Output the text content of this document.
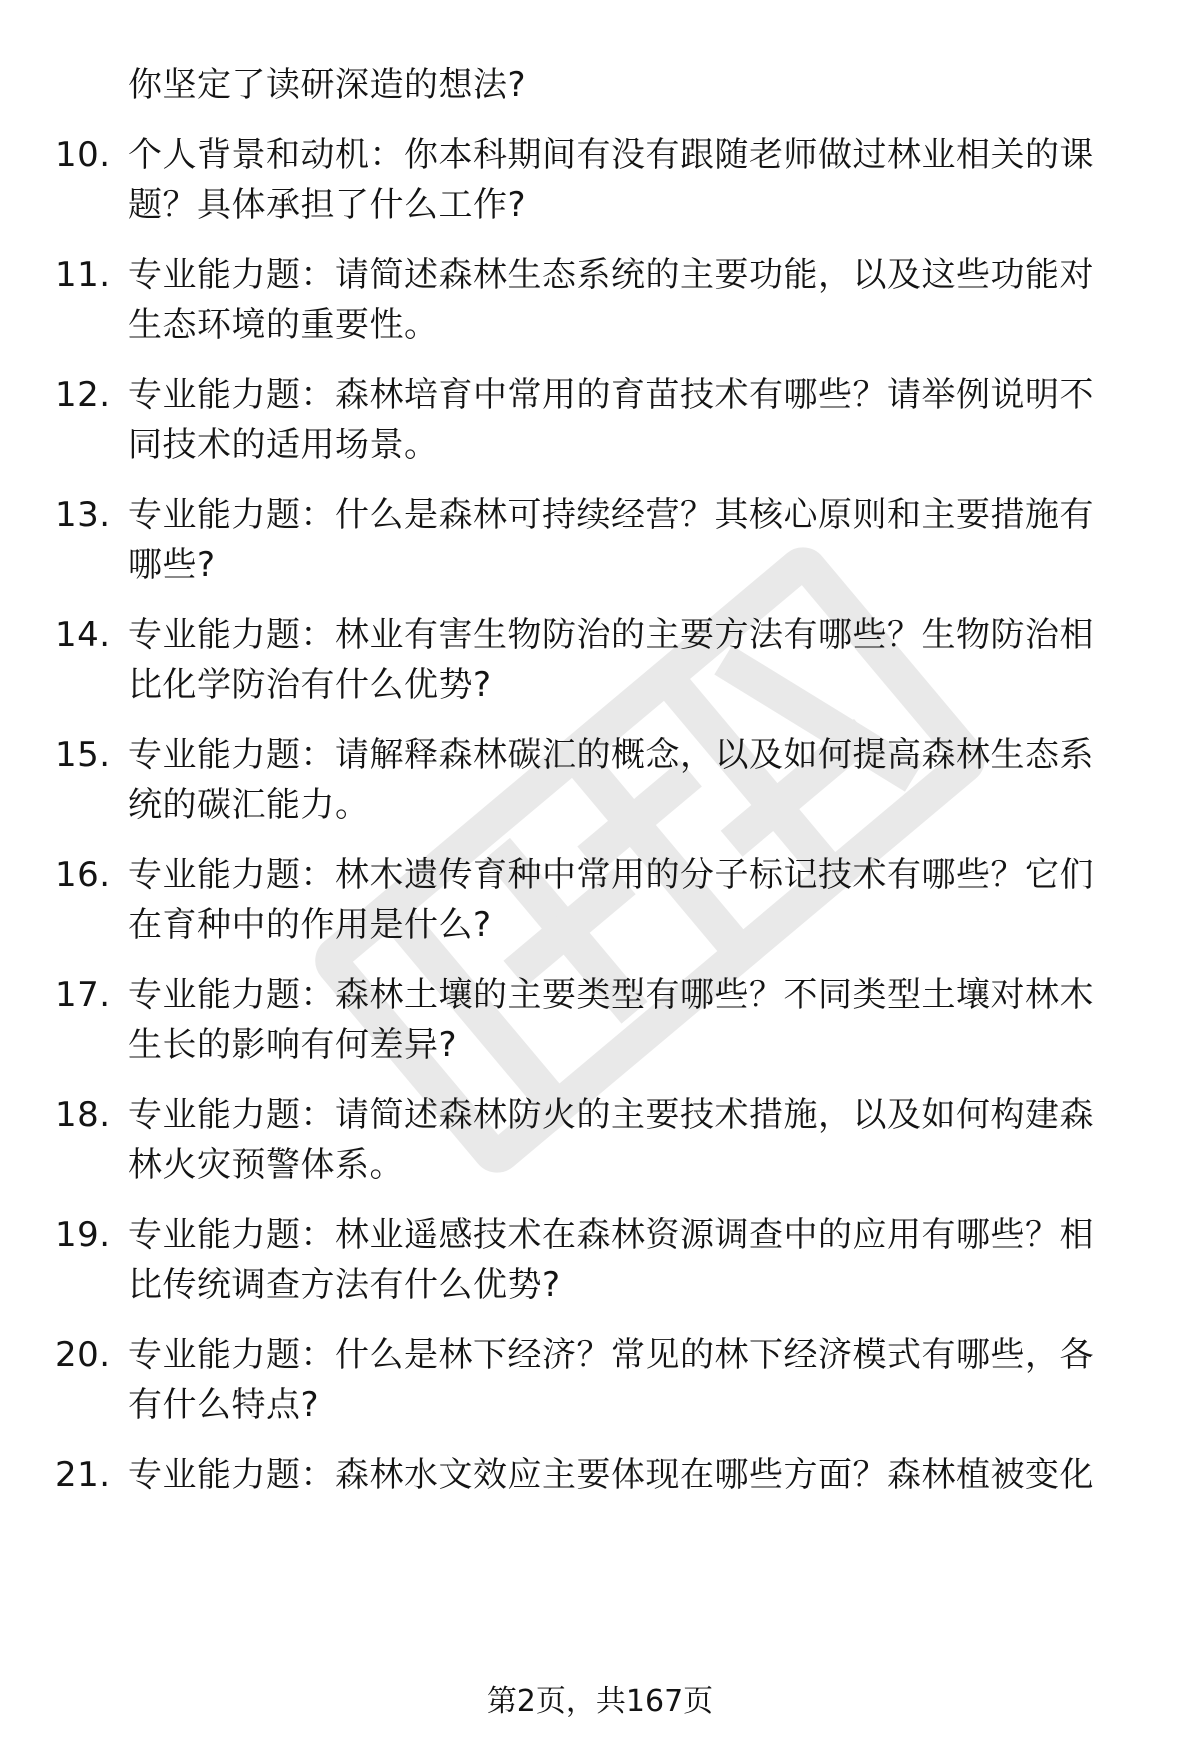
你坚定了读研深造的想法?
10. 个人背景和动机：你本科期间有没有跟随老师做过林业相关的课
题？具体承担了什么工作?
11. 专业能力题：请简述森林生态系统的主要功能，以及这些功能对
生态环境的重要性。
12. 专业能力题：森林培育中常用的育苗技术有哪些？请举例说明不
同技术的适用场景。
13. 专业能力题：什么是森林可持续经营？其核心原则和主要措施有
哪些?
14. 专业能力题：林业有害生物防治的主要方法有哪些？生物防治相
比化学防治有什么优势?
15. 专业能力题：请解释森林碳汇的概念，以及如何提高森林生态系
统的碳汇能力。
16. 专业能力题：林木遗传育种中常用的分子标记技术有哪些？它们
在育种中的作用是什么?
17. 专业能力题：森林土壤的主要类型有哪些？不同类型土壤对林木
生长的影响有何差异?
18. 专业能力题：请简述森林防火的主要技术措施，以及如何构建森
林火灾预警体系。
19. 专业能力题：林业遥感技术在森林资源调查中的应用有哪些？相
比传统调查方法有什么优势?
20. 专业能力题：什么是林下经济？常见的林下经济模式有哪些，各
有什么特点?
21. 专业能力题：森林水文效应主要体现在哪些方面？森林植被变化
第2页，共167页
